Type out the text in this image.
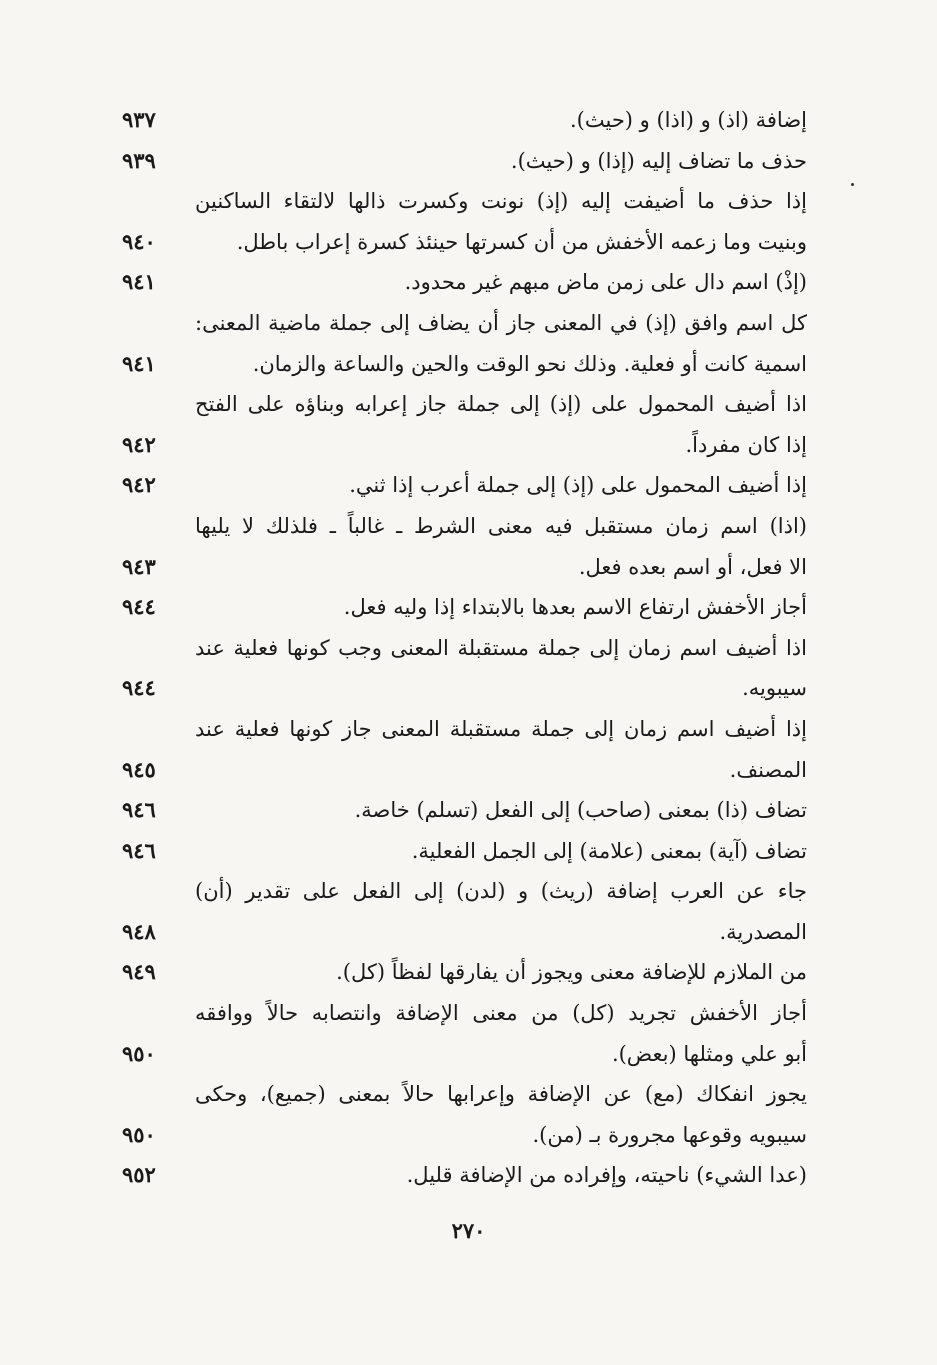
إضافة (اذ) و (اذا) و (حيث).
٩٣٧
حذف ما تضاف إليه (إذا) و (حيث).
٩٣٩
إذا حذف ما أضيفت إليه (إذ) نونت وكسرت ذالها لالتقاء الساكنين
وبنيت وما زعمه الأخفش من أن كسرتها حينئذ كسرة إعراب باطل.
٩٤٠
(إذْ) اسم دال على زمن ماض مبهم غير محدود.
٩٤١
كل اسم وافق (إذ) في المعنى جاز أن يضاف إلى جملة ماضية المعنى:
اسمية كانت أو فعلية. وذلك نحو الوقت والحين والساعة والزمان.
٩٤١
اذا أضيف المحمول على (إذ) إلى جملة جاز إعرابه وبناؤه على الفتح
إذا كان مفرداً.
٩٤٢
إذا أضيف المحمول على (إذ) إلى جملة أعرب إذا ثني.
٩٤٢
(اذا) اسم زمان مستقبل فيه معنى الشرط ـ غالباً ـ فلذلك لا يليها
الا فعل، أو اسم بعده فعل.
٩٤٣
أجاز الأخفش ارتفاع الاسم بعدها بالابتداء إذا وليه فعل.
٩٤٤
اذا أضيف اسم زمان إلى جملة مستقبلة المعنى وجب كونها فعلية عند
سيبويه.
٩٤٤
إذا أضيف اسم زمان إلى جملة مستقبلة المعنى جاز كونها فعلية عند
المصنف.
٩٤٥
تضاف (ذا) بمعنى (صاحب) إلى الفعل (تسلم) خاصة.
٩٤٦
تضاف (آية) بمعنى (علامة) إلى الجمل الفعلية.
٩٤٦
جاء عن العرب إضافة (ريث) و (لدن) إلى الفعل على تقدير (أن)
المصدرية.
٩٤٨
من الملازم للإضافة معنى ويجوز أن يفارقها لفظاً (كل).
٩٤٩
أجاز الأخفش تجريد (كل) من معنى الإضافة وانتصابه حالاً ووافقه
أبو علي ومثلها (بعض).
٩٥٠
يجوز انفكاك (مع) عن الإضافة وإعرابها حالاً بمعنى (جميع)، وحكى
سيبويه وقوعها مجرورة بـ (من).
٩٥٠
(عدا الشيء) ناحيته، وإفراده من الإضافة قليل.
٩٥٢
٢٧٠
